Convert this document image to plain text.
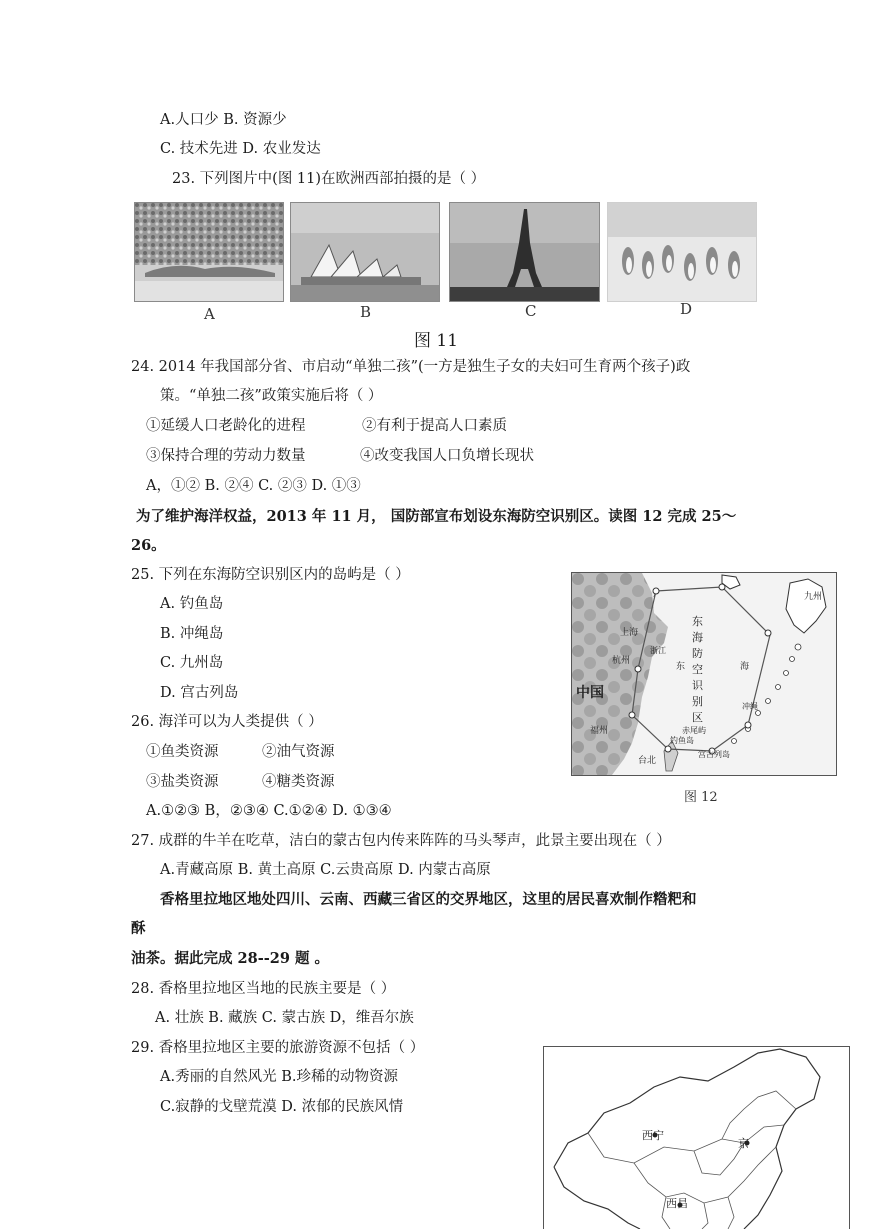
A.人口少 B. 资源少
C. 技术先进 D. 农业发达
23. 下列图片中(图 11)在欧洲西部拍摄的是（ ）
A	B	C	D
图 11
24. 2014 年我国部分省、市启动“单独二孩”(一方是独生子女的夫妇可生育两个孩子)政
策。“单独二孩”政策实施后将（ ）
①延缓人口老龄化的进程	②有利于提高人口素质
③保持合理的劳动力数量	④改变我国人口负增长现状
A，①② B. ②④ C. ②③ D. ①③
为了维护海洋权益，2013 年 11 月， 国防部宣布划设东海防空识别区。读图 12 完成 25～
26。
25. 下列在东海防空识别区内的岛屿是（ ）
A. 钓鱼岛
B. 冲绳岛
C. 九州岛
D. 宫古列岛
上海
杭州
中国
福州
台北
浙江
东	海
东
海
防
空
识
别
区
九州
冲绳
赤尾屿
钓鱼岛
宫古列岛
图 12
26. 海洋可以为人类提供（ ）
①鱼类资源	②油气资源
③盐类资源	④糖类资源
A.①②③ B，②③④ C.①②④ D. ①③④
27. 成群的牛羊在吃草，洁白的蒙古包内传来阵阵的马头琴声，此景主要出现在（ ）
A.青藏高原 B. 黄土高原 C.云贵高原 D. 内蒙古高原
香格里拉地区地处四川、云南、西藏三省区的交界地区，这里的居民喜欢制作糌粑和
酥
油茶。据此完成 28--29 题 。
28. 香格里拉地区当地的民族主要是（ ）
A. 壮族 B. 藏族 C. 蒙古族 D，维吾尔族
29. 香格里拉地区主要的旅游资源不包括（ ）
A.秀丽的自然风光 B.珍稀的动物资源
C.寂静的戈壁荒漠 D. 浓郁的民族风情
西宁
京
西昌
